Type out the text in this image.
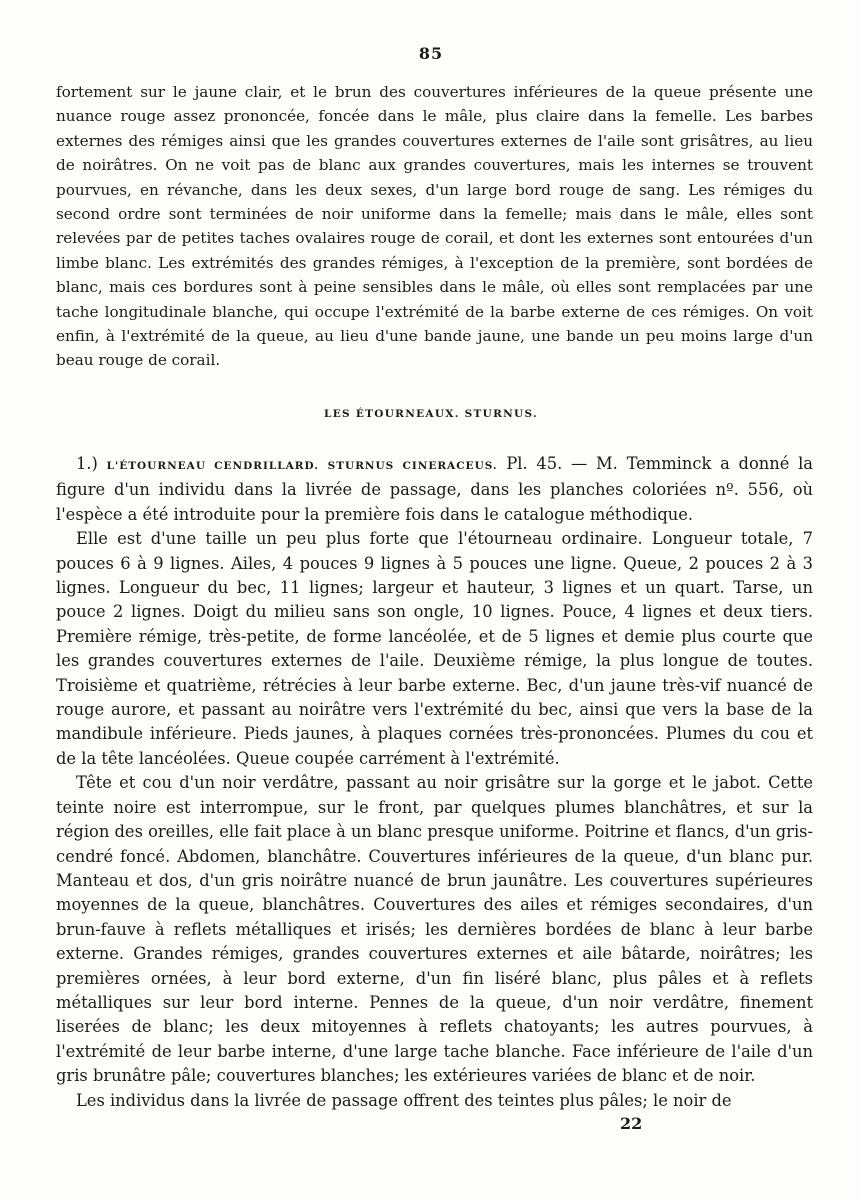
85
fortement sur le jaune clair, et le brun des couvertures inférieures de la queue présente une nuance rouge assez prononcée, foncée dans le mâle, plus claire dans la femelle. Les barbes externes des rémiges ainsi que les grandes couvertures externes de l'aile sont grisâtres, au lieu de noirâtres. On ne voit pas de blanc aux grandes couvertures, mais les internes se trouvent pourvues, en révanche, dans les deux sexes, d'un large bord rouge de sang. Les rémiges du second ordre sont terminées de noir uniforme dans la femelle; mais dans le mâle, elles sont relevées par de petites taches ovalaires rouge de corail, et dont les externes sont entourées d'un limbe blanc. Les extrémités des grandes rémiges, à l'exception de la première, sont bordées de blanc, mais ces bordures sont à peine sensibles dans le mâle, où elles sont remplacées par une tache longitudinale blanche, qui occupe l'extrémité de la barbe externe de ces rémiges. On voit enfin, à l'extrémité de la queue, au lieu d'une bande jaune, une bande un peu moins large d'un beau rouge de corail.
LES ÉTOURNEAUX. STURNUS.

1.) L'ÉTOURNEAU CENDRILLARD. STURNUS CINERACEUS. Pl. 45. — M. Temminck a donné la figure d'un individu dans la livrée de passage, dans les planches coloriées nº. 556, où l'espèce a été introduite pour la première fois dans le catalogue méthodique.

Elle est d'une taille un peu plus forte que l'étourneau ordinaire. Longueur totale, 7 pouces 6 à 9 lignes. Ailes, 4 pouces 9 lignes à 5 pouces une ligne. Queue, 2 pouces 2 à 3 lignes. Longueur du bec, 11 lignes; largeur et hauteur, 3 lignes et un quart. Tarse, un pouce 2 lignes. Doigt du milieu sans son ongle, 10 lignes. Pouce, 4 lignes et deux tiers. Première rémige, très-petite, de forme lancéolée, et de 5 lignes et demie plus courte que les grandes couvertures externes de l'aile. Deuxième rémige, la plus longue de toutes. Troisième et quatrième, rétrécies à leur barbe externe. Bec, d'un jaune très-vif nuancé de rouge aurore, et passant au noirâtre vers l'extrémité du bec, ainsi que vers la base de la mandibule inférieure. Pieds jaunes, à plaques cornées très-prononcées. Plumes du cou et de la tête lancéolées. Queue coupée carrément à l'extrémité.

Tête et cou d'un noir verdâtre, passant au noir grisâtre sur la gorge et le jabot. Cette teinte noire est interrompue, sur le front, par quelques plumes blanchâtres, et sur la région des oreilles, elle fait place à un blanc presque uniforme. Poitrine et flancs, d'un gris-cendré foncé. Abdomen, blanchâtre. Couvertures inférieures de la queue, d'un blanc pur. Manteau et dos, d'un gris noirâtre nuancé de brun jaunâtre. Les couvertures supérieures moyennes de la queue, blanchâtres. Couvertures des ailes et rémiges secondaires, d'un brun-fauve à reflets métalliques et irisés; les dernières bordées de blanc à leur barbe externe. Grandes rémiges, grandes couvertures externes et aile bâtarde, noirâtres; les premières ornées, à leur bord externe, d'un fin liséré blanc, plus pâles et à reflets métalliques sur leur bord interne. Pennes de la queue, d'un noir verdâtre, finement liserées de blanc; les deux mitoyennes à reflets chatoyants; les autres pourvues, à l'extrémité de leur barbe interne, d'une large tache blanche. Face inférieure de l'aile d'un gris brunâtre pâle; couvertures blanches; les extérieures variées de blanc et de noir.

Les individus dans la livrée de passage offrent des teintes plus pâles; le noir de

22
